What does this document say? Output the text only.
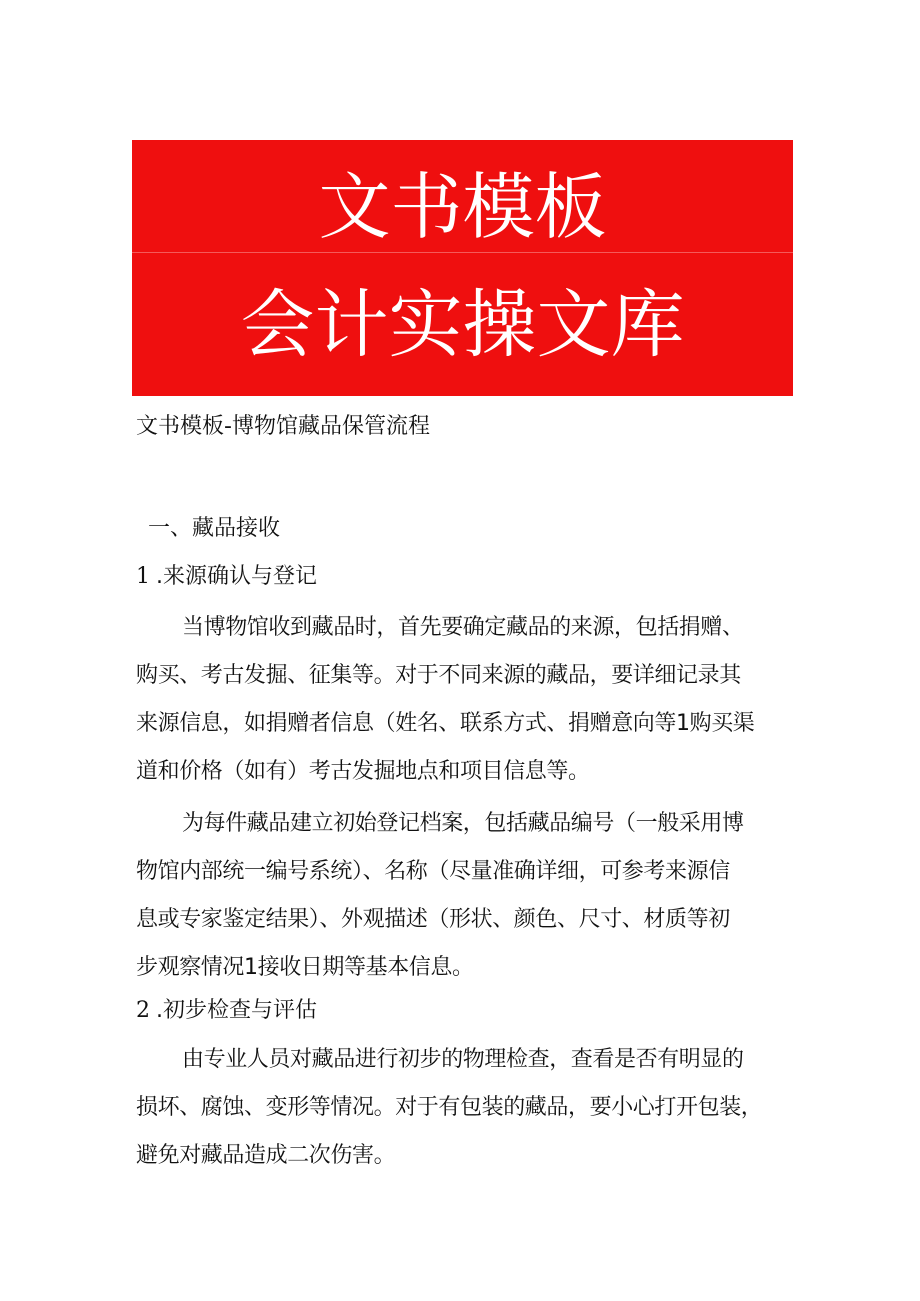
文书模板
会计实操文库
文书模板-博物馆藏品保管流程
一、藏品接收
1 .来源确认与登记
当博物馆收到藏品时，首先要确定藏品的来源，包括捐赠、
购买、考古发掘、征集等。对于不同来源的藏品，要详细记录其
来源信息，如捐赠者信息（姓名、联系方式、捐赠意向等1购买渠
道和价格（如有）考古发掘地点和项目信息等。
为每件藏品建立初始登记档案，包括藏品编号（一般采用博
物馆内部统一编号系统）、名称（尽量准确详细，可参考来源信
息或专家鉴定结果）、外观描述（形状、颜色、尺寸、材质等初
步观察情况1接收日期等基本信息。
2 .初步检查与评估
由专业人员对藏品进行初步的物理检查，查看是否有明显的
损坏、腐蚀、变形等情况。对于有包装的藏品，要小心打开包装，
避免对藏品造成二次伤害。
